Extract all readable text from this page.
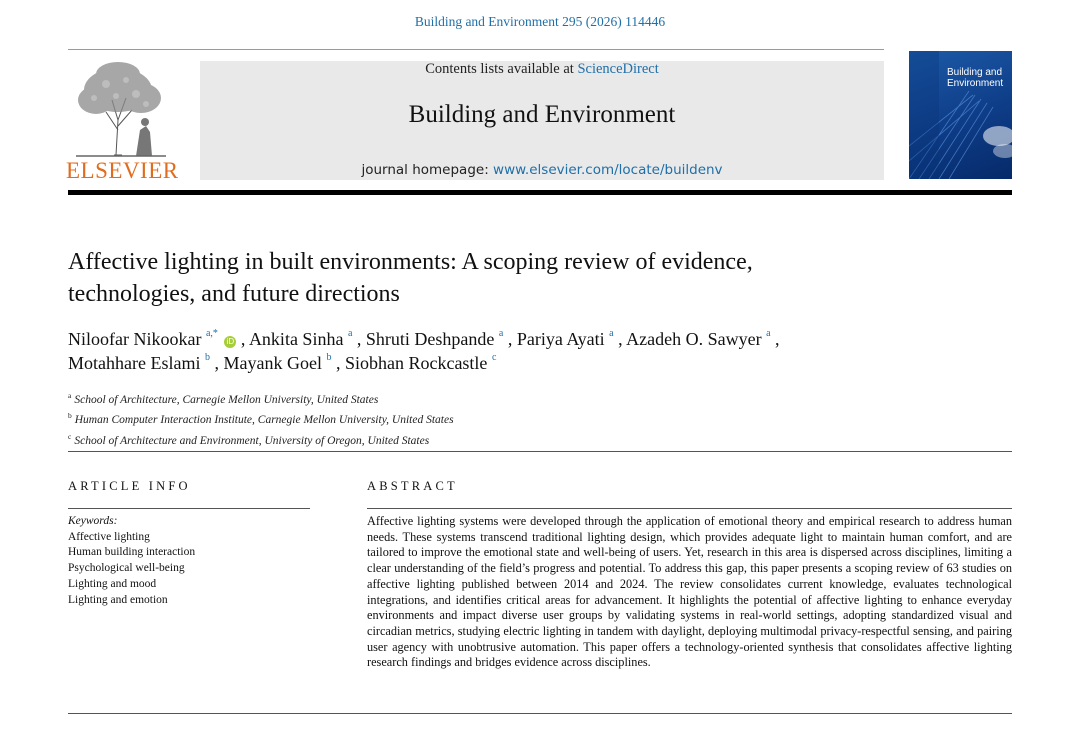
Building and Environment 295 (2026) 114446
ELSEVIER
Contents lists available at ScienceDirect
Building and Environment
journal homepage: www.elsevier.com/locate/buildenv
Building and
Environment
Affective lighting in built environments: A scoping review of evidence,
technologies, and future directions
Niloofar Nikookar $^{a,*}$ iD , Ankita Sinha $^a$ , Shruti Deshpande $^a$ , Pariya Ayati $^a$ , Azadeh O. Sawyer $^a$ ,
Motahhare Eslami $^b$ , Mayank Goel $^b$ , Siobhan Rockcastle $^c$
$^a$ School of Architecture, Carnegie Mellon University, United States
$^b$ Human Computer Interaction Institute, Carnegie Mellon University, United States
$^c$ School of Architecture and Environment, University of Oregon, United States
ARTICLE INFO	ABSTRACT
Keywords:
Affective lighting
Human building interaction
Psychological well-being
Lighting and mood
Lighting and emotion
Affective lighting systems were developed through the application of emotional theory and empirical research to address human needs. These systems transcend traditional lighting design, which provides adequate light to maintain human comfort, and are tailored to improve the emotional state and well-being of users. Yet, research in this area is dispersed across disciplines, limiting a clear understanding of the field’s progress and potential. To address this gap, this paper presents a scoping review of 63 studies on affective lighting published between 2014 and 2024. The review consolidates current knowledge, evaluates technological integrations, and identifies critical areas for advancement. It highlights the potential of affective lighting to enhance everyday environments and impact diverse user groups by validating systems in real-world settings, adopting standardized visual and circadian metrics, studying electric lighting in tandem with daylight, deploying multimodal privacy-respectful sensing, and pairing user agency with unobtrusive automation. This paper offers a technology-oriented synthesis that consolidates affective lighting research findings and bridges evidence across disciplines.
